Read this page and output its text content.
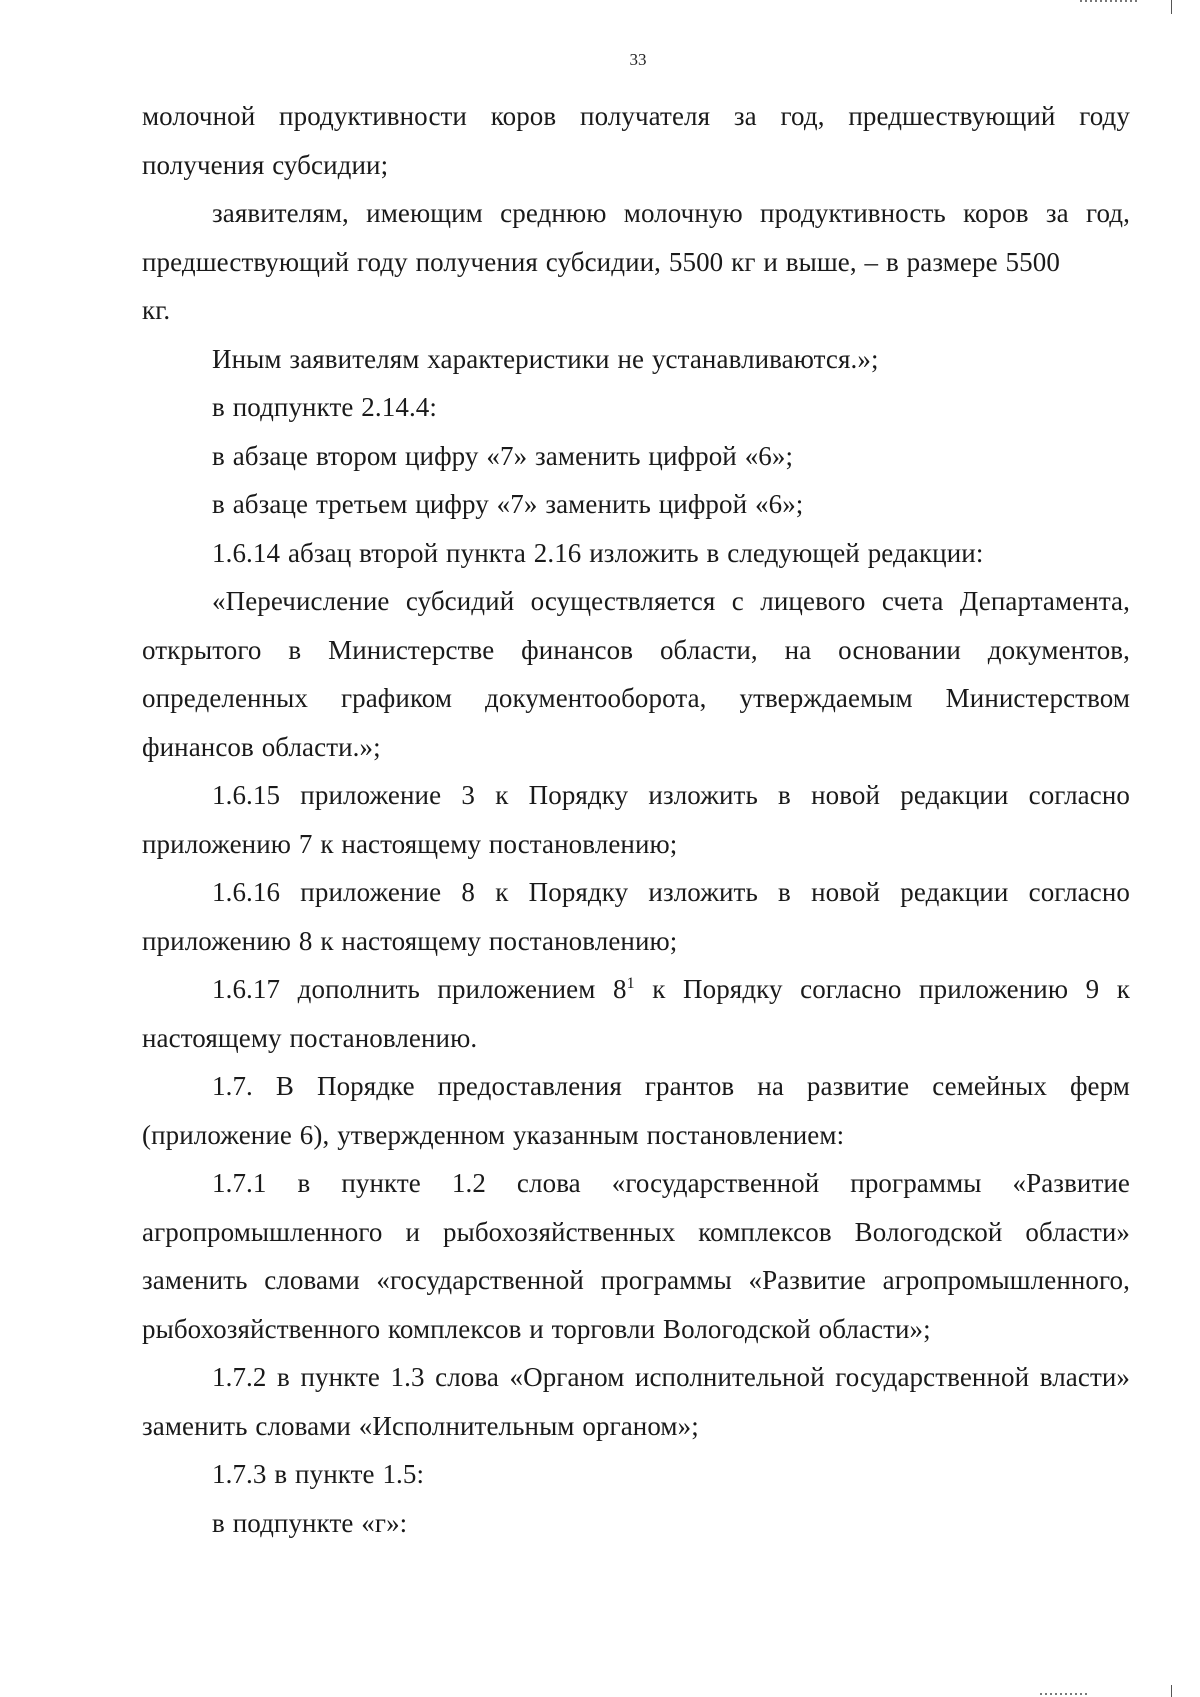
33

молочной продуктивности коров получателя за год, предшествующий году получения субсидии;

заявителям, имеющим среднюю молочную продуктивность коров за год, предшествующий году получения субсидии, 5500 кг и выше, – в размере 5500

кг.

Иным заявителям характеристики не устанавливаются.»;

в подпункте 2.14.4:

в абзаце втором цифру «7» заменить цифрой «6»;

в абзаце третьем цифру «7» заменить цифрой «6»;

1.6.14 абзац второй пункта 2.16 изложить в следующей редакции:

«Перечисление субсидий осуществляется с лицевого счета Департамента, открытого в Министерстве финансов области, на основании документов, определенных графиком документооборота, утверждаемым Министерством финансов области.»;

1.6.15 приложение 3 к Порядку изложить в новой редакции согласно приложению 7 к настоящему постановлению;

1.6.16 приложение 8 к Порядку изложить в новой редакции согласно приложению 8 к настоящему постановлению;

1.6.17 дополнить приложением $8^1$ к Порядку согласно приложению 9 к настоящему постановлению.

1.7. В Порядке предоставления грантов на развитие семейных ферм (приложение 6), утвержденном указанным постановлением:

1.7.1 в пункте 1.2 слова «государственной программы «Развитие агропромышленного и рыбохозяйственных комплексов Вологодской области» заменить словами «государственной программы «Развитие агропромышленного, рыбохозяйственного комплексов и торговли Вологодской области»;

1.7.2 в пункте 1.3 слова «Органом исполнительной государственной власти» заменить словами «Исполнительным органом»;

1.7.3 в пункте 1.5:

в подпункте «г»:
